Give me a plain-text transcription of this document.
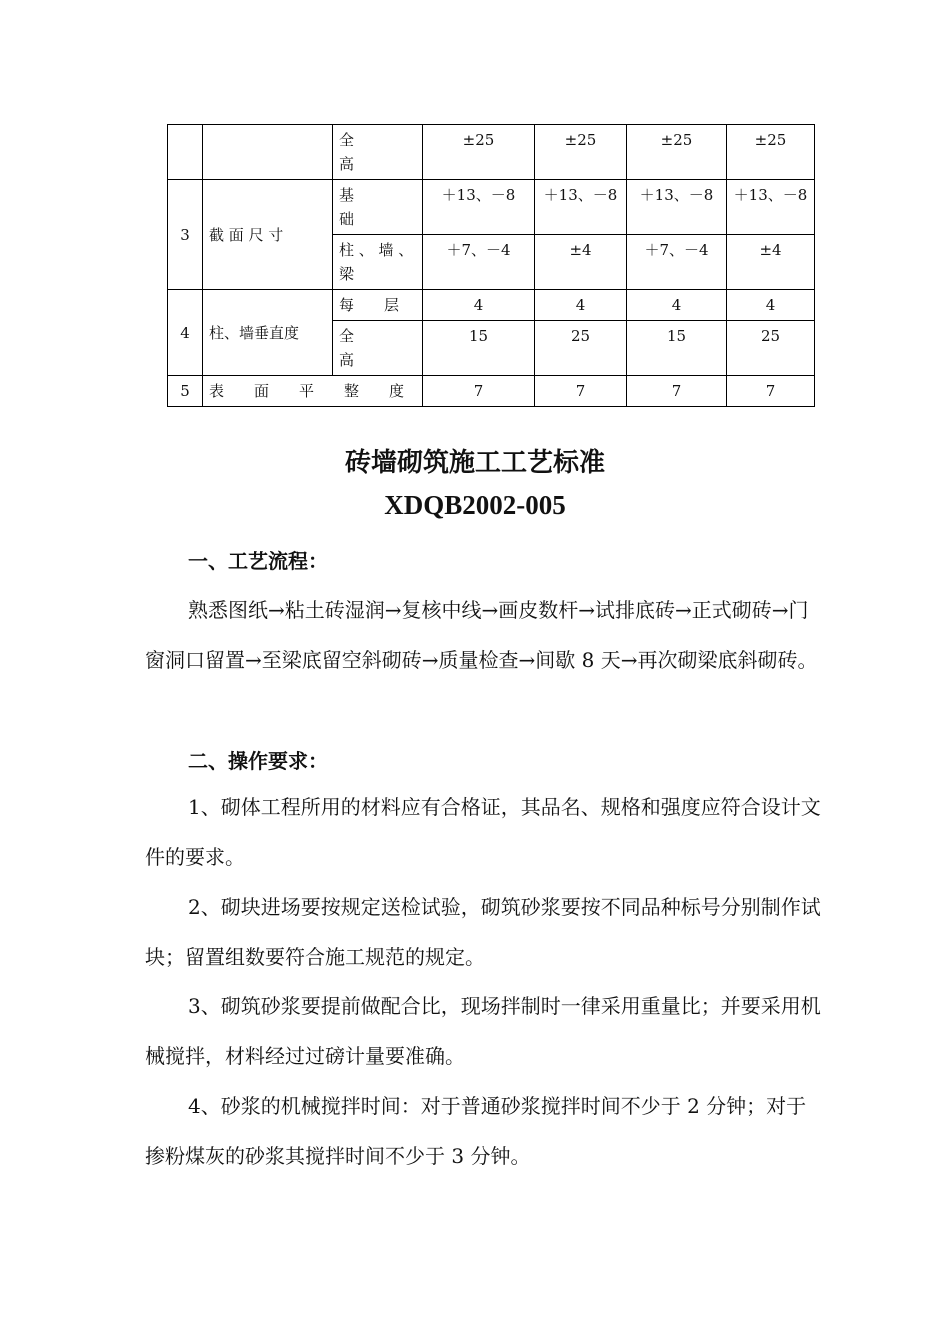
		全高	±25	±25	±25	±25
3	截 面 尺 寸	基础	＋13、－8	＋13、－8	＋13、－8	＋13、－8
		柱 、 墙 、梁	＋7、－4	±4	＋7、－4	±4
4	柱、墙垂直度	每　　层	4	4	4	4
		全高	15	25	15	25
5	表　　面　　平　　整　　度		7	7	7	7
砖墙砌筑施工工艺标准
XDQB2002-005
一、工艺流程：

熟悉图纸→粘土砖湿润→复核中线→画皮数杆→试排底砖→正式砌砖→门窗洞口留置→至梁底留空斜砌砖→质量检查→间歇 8 天→再次砌梁底斜砌砖。

二、操作要求：

1、砌体工程所用的材料应有合格证，其品名、规格和强度应符合设计文件的要求。

2、砌块进场要按规定送检试验，砌筑砂浆要按不同品种标号分别制作试块；留置组数要符合施工规范的规定。

3、砌筑砂浆要提前做配合比，现场拌制时一律采用重量比；并要采用机械搅拌，材料经过过磅计量要准确。

4、砂浆的机械搅拌时间：对于普通砂浆搅拌时间不少于 2 分钟；对于掺粉煤灰的砂浆其搅拌时间不少于 3 分钟。
